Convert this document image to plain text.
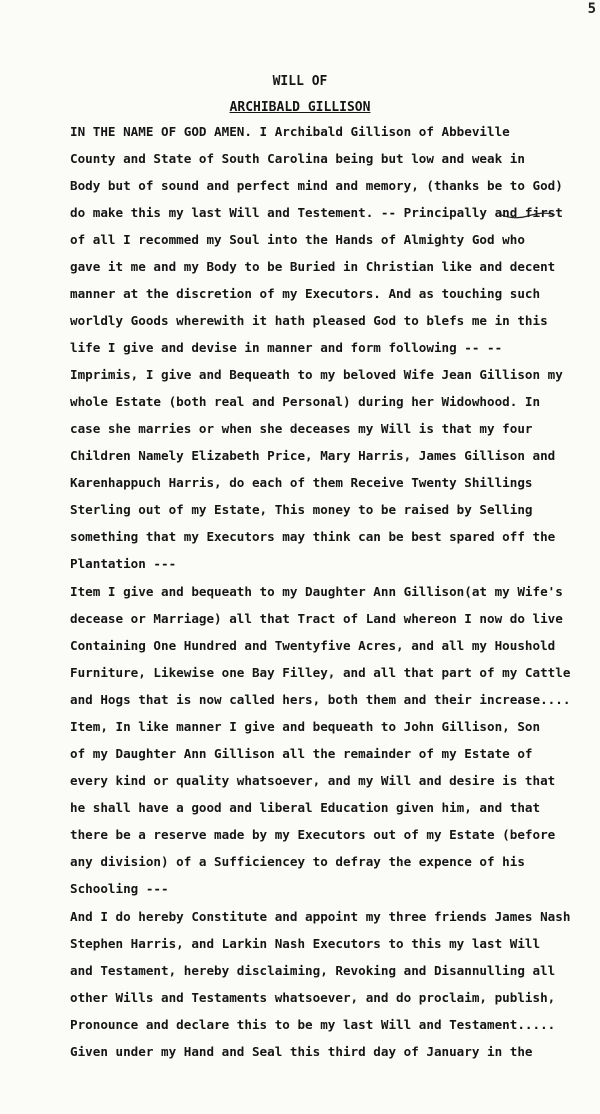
5
WILL OF
ARCHIBALD GILLISON
IN THE NAME OF GOD AMEN. I Archibald Gillison of Abbeville
County and State of South Carolina being but low and weak in
Body but of sound and perfect mind and memory, (thanks be to God)
do make this my last Will and Testement. -- Principally and first
of all I recommed my Soul into the Hands of Almighty God who
gave it me and my Body to be Buried in Christian like and decent
manner at the discretion of my Executors. And as touching such
worldly Goods wherewith it hath pleased God to blefs me in this
life I give and devise in manner and form following -- --
Imprimis, I give and Bequeath to my beloved Wife Jean Gillison my
whole Estate (both real and Personal) during her Widowhood. In
case she marries or when she deceases my Will is that my four
Children Namely Elizabeth Price, Mary Harris, James Gillison and
Karenhappuch Harris, do each of them Receive Twenty Shillings
Sterling out of my Estate, This money to be raised by Selling
something that my Executors may think can be best spared off the
Plantation ---
Item I give and bequeath to my Daughter Ann Gillison(at my Wife's
decease or Marriage) all that Tract of Land whereon I now do live
Containing One Hundred and Twentyfive Acres, and all my Houshold
Furniture, Likewise one Bay Filley, and all that part of my Cattle
and Hogs that is now called hers, both them and their increase....
Item, In like manner I give and bequeath to John Gillison, Son
of my Daughter Ann Gillison all the remainder of my Estate of
every kind or quality whatsoever, and my Will and desire is that
he shall have a good and liberal Education given him, and that
there be a reserve made by my Executors out of my Estate (before
any division) of a Sufficiencey to defray the expence of his
Schooling ---
And I do hereby Constitute and appoint my three friends James Nash
Stephen Harris, and Larkin Nash Executors to this my last Will
and Testament, hereby disclaiming, Revoking and Disannulling all
other Wills and Testaments whatsoever, and do proclaim, publish,
Pronounce and declare this to be my last Will and Testament.....
Given under my Hand and Seal this third day of January in the
